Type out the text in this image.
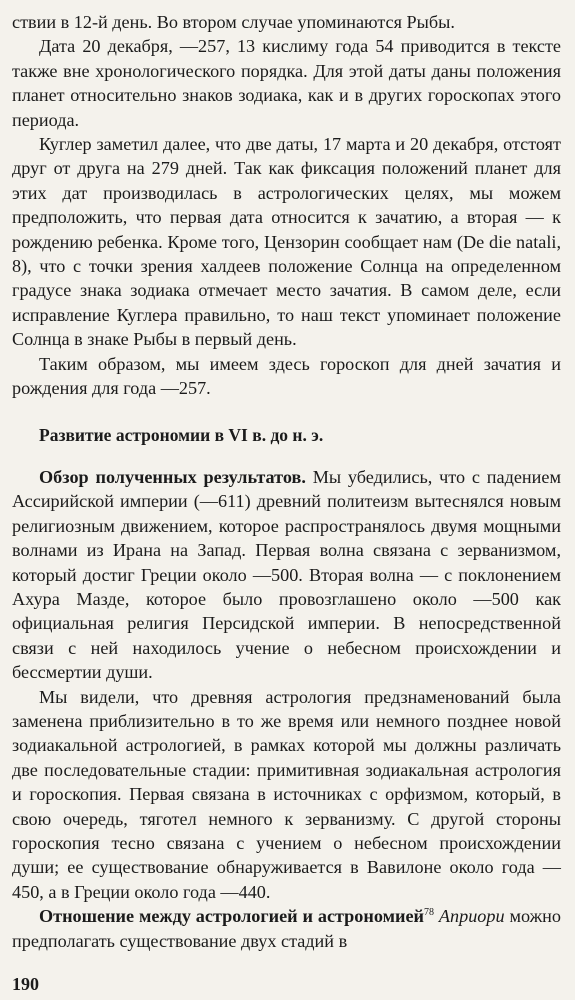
ствии в 12-й день. Во втором случае упоминаются Рыбы.

Дата 20 декабря, —257, 13 кислиму года 54 приводится в тексте также вне хронологического порядка. Для этой даты даны положения планет относительно знаков зодиака, как и в других гороскопах этого периода.

Куглер заметил далее, что две даты, 17 марта и 20 декабря, отстоят друг от друга на 279 дней. Так как фиксация положений планет для этих дат производилась в астрологических целях, мы можем предположить, что первая дата относится к зачатию, а вторая — к рождению ребенка. Кроме того, Цензорин сообщает нам (De die natali, 8), что с точки зрения халдеев положение Солнца на определенном градусе знака зодиака отмечает место зачатия. В самом деле, если исправление Куглера правильно, то наш текст упоминает положение Солнца в знаке Рыбы в первый день.

Таким образом, мы имеем здесь гороскоп для дней зачатия и рождения для года —257.

Развитие астрономии в VI в. до н. э.

Обзор полученных результатов. Мы убедились, что с падением Ассирийской империи (—611) древний политеизм вытеснялся новым религиозным движением, которое распространялось двумя мощными волнами из Ирана на Запад. Первая волна связана с зерванизмом, который достиг Греции около —500. Вторая волна — с поклонением Ахура Мазде, которое было провозглашено около —500 как официальная религия Персидской империи. В непосредственной связи с ней находилось учение о небесном происхождении и бессмертии души.

Мы видели, что древняя астрология предзнаменований была заменена приблизительно в то же время или немного позднее новой зодиакальной астрологией, в рамках которой мы должны различать две последовательные стадии: примитивная зодиакальная астрология и гороскопия. Первая связана в источниках с орфизмом, который, в свою очередь, тяготел немного к зерванизму. С другой стороны гороскопия тесно связана с учением о небесном происхождении души; ее существование обнаруживается в Вавилоне около года —450, а в Греции около года —440.

Отношение между астрологией и астрономией$^{78}$ Априори можно предполагать существование двух стадий в

190
